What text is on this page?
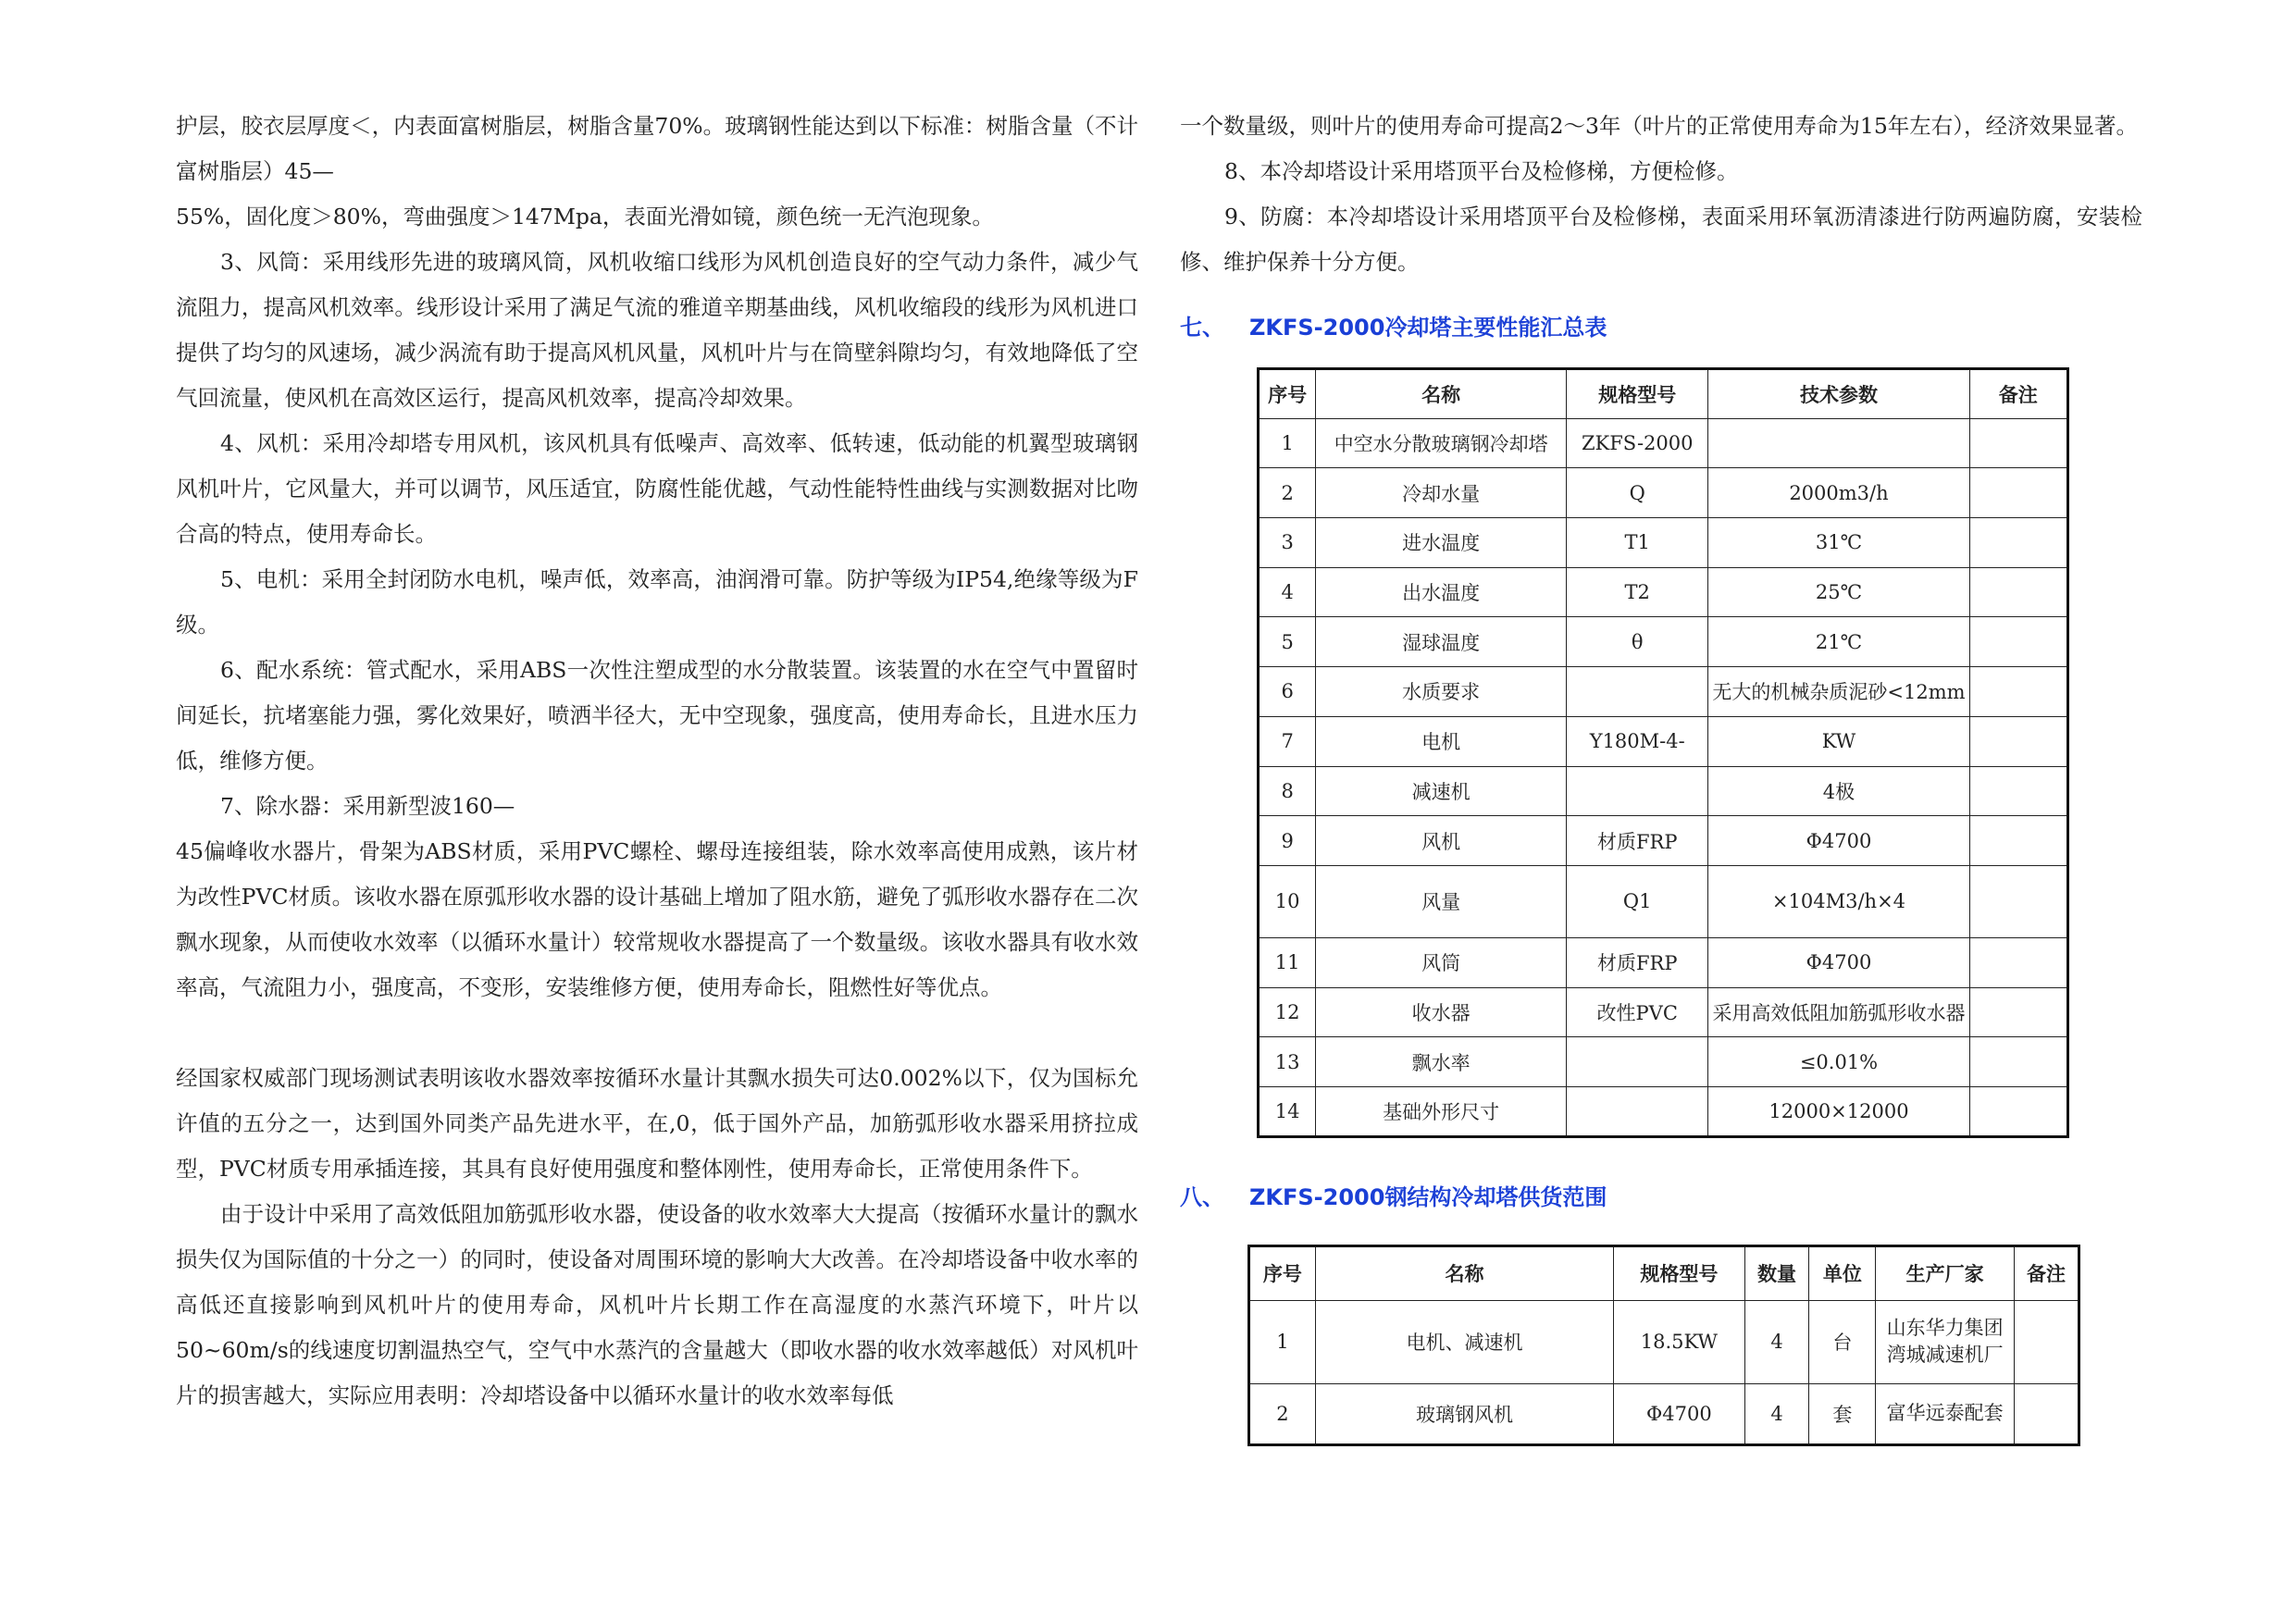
护层，胶衣层厚度＜，内表面富树脂层，树脂含量70%。玻璃钢性能达到以下标准：树脂含量（不计富树脂层）45—

55%，固化度＞80%，弯曲强度＞147Mpa，表面光滑如镜，颜色统一无汽泡现象。

3、风筒：采用线形先进的玻璃风筒，风机收缩口线形为风机创造良好的空气动力条件，减少气流阻力，提高风机效率。线形设计采用了满足气流的雅道辛期基曲线，风机收缩段的线形为风机进口提供了均匀的风速场，减少涡流有助于提高风机风量，风机叶片与在筒壁斜隙均匀，有效地降低了空气回流量，使风机在高效区运行，提高风机效率，提高冷却效果。

4、风机：采用冷却塔专用风机，该风机具有低噪声、高效率、低转速，低动能的机翼型玻璃钢风机叶片，它风量大，并可以调节，风压适宜，防腐性能优越，气动性能特性曲线与实测数据对比吻合高的特点，使用寿命长。

5、电机：采用全封闭防水电机，噪声低，效率高，油润滑可靠。防护等级为IP54,绝缘等级为F级。

6、配水系统：管式配水，采用ABS一次性注塑成型的水分散装置。该装置的水在空气中置留时间延长，抗堵塞能力强，雾化效果好，喷洒半径大，无中空现象，强度高，使用寿命长，且进水压力低，维修方便。

7、除水器：采用新型波160—

45偏峰收水器片，骨架为ABS材质，采用PVC螺栓、螺母连接组装，除水效率高使用成熟，该片材为改性PVC材质。该收水器在原弧形收水器的设计基础上增加了阻水筋，避免了弧形收水器存在二次飘水现象，从而使收水效率（以循环水量计）较常规收水器提高了一个数量级。该收水器具有收水效率高，气流阻力小，强度高，不变形，安装维修方便，使用寿命长，阻燃性好等优点。

经国家权威部门现场测试表明该收水器效率按循环水量计其飘水损失可达0.002%以下，仅为国标允许值的五分之一，达到国外同类产品先进水平，在,0，低于国外产品，加筋弧形收水器采用挤拉成型，PVC材质专用承插连接，其具有良好使用强度和整体刚性，使用寿命长，正常使用条件下。

由于设计中采用了高效低阻加筋弧形收水器，使设备的收水效率大大提高（按循环水量计的飘水损失仅为国际值的十分之一）的同时，使设备对周围环境的影响大大改善。在冷却塔设备中收水率的高低还直接影响到风机叶片的使用寿命，风机叶片长期工作在高湿度的水蒸汽环境下，叶片以50~60m/s的线速度切割温热空气，空气中水蒸汽的含量越大（即收水器的收水效率越低）对风机叶片的损害越大，实际应用表明：冷却塔设备中以循环水量计的收水效率每低

一个数量级，则叶片的使用寿命可提高2～3年（叶片的正常使用寿命为15年左右），经济效果显著。

8、本冷却塔设计采用塔顶平台及检修梯，方便检修。

9、防腐：本冷却塔设计采用塔顶平台及检修梯，表面采用环氧沥清漆进行防两遍防腐，安装检修、维护保养十分方便。

七、 ZKFS-2000冷却塔主要性能汇总表
序号	名称	规格型号	技术参数	备注
1	中空水分散玻璃钢冷却塔	ZKFS-2000		
2	冷却水量	Q	2000m3/h	
3	进水温度	T1	31℃	
4	出水温度	T2	25℃	
5	湿球温度	θ	21℃	
6	水质要求		无大的机械杂质泥砂<12mm	
7	电机	Y180M-4-	KW	
8	减速机		4极	
9	风机	材质FRP	Φ4700	
10	风量	Q1	×104M3/h×4	
11	风筒	材质FRP	Φ4700	
12	收水器	改性PVC	采用高效低阻加筋弧形收水器	
13	飘水率		≤0.01%	
14	基础外形尺寸		12000×12000	
八、 ZKFS-2000钢结构冷却塔供货范围
序号	名称	规格型号	数量	单位	生产厂家	备注
1	电机、减速机	18.5KW	4	台	山东华力集团
湾城减速机厂	

2	玻璃钢风机	Φ4700	4	套	富华远泰配套	
